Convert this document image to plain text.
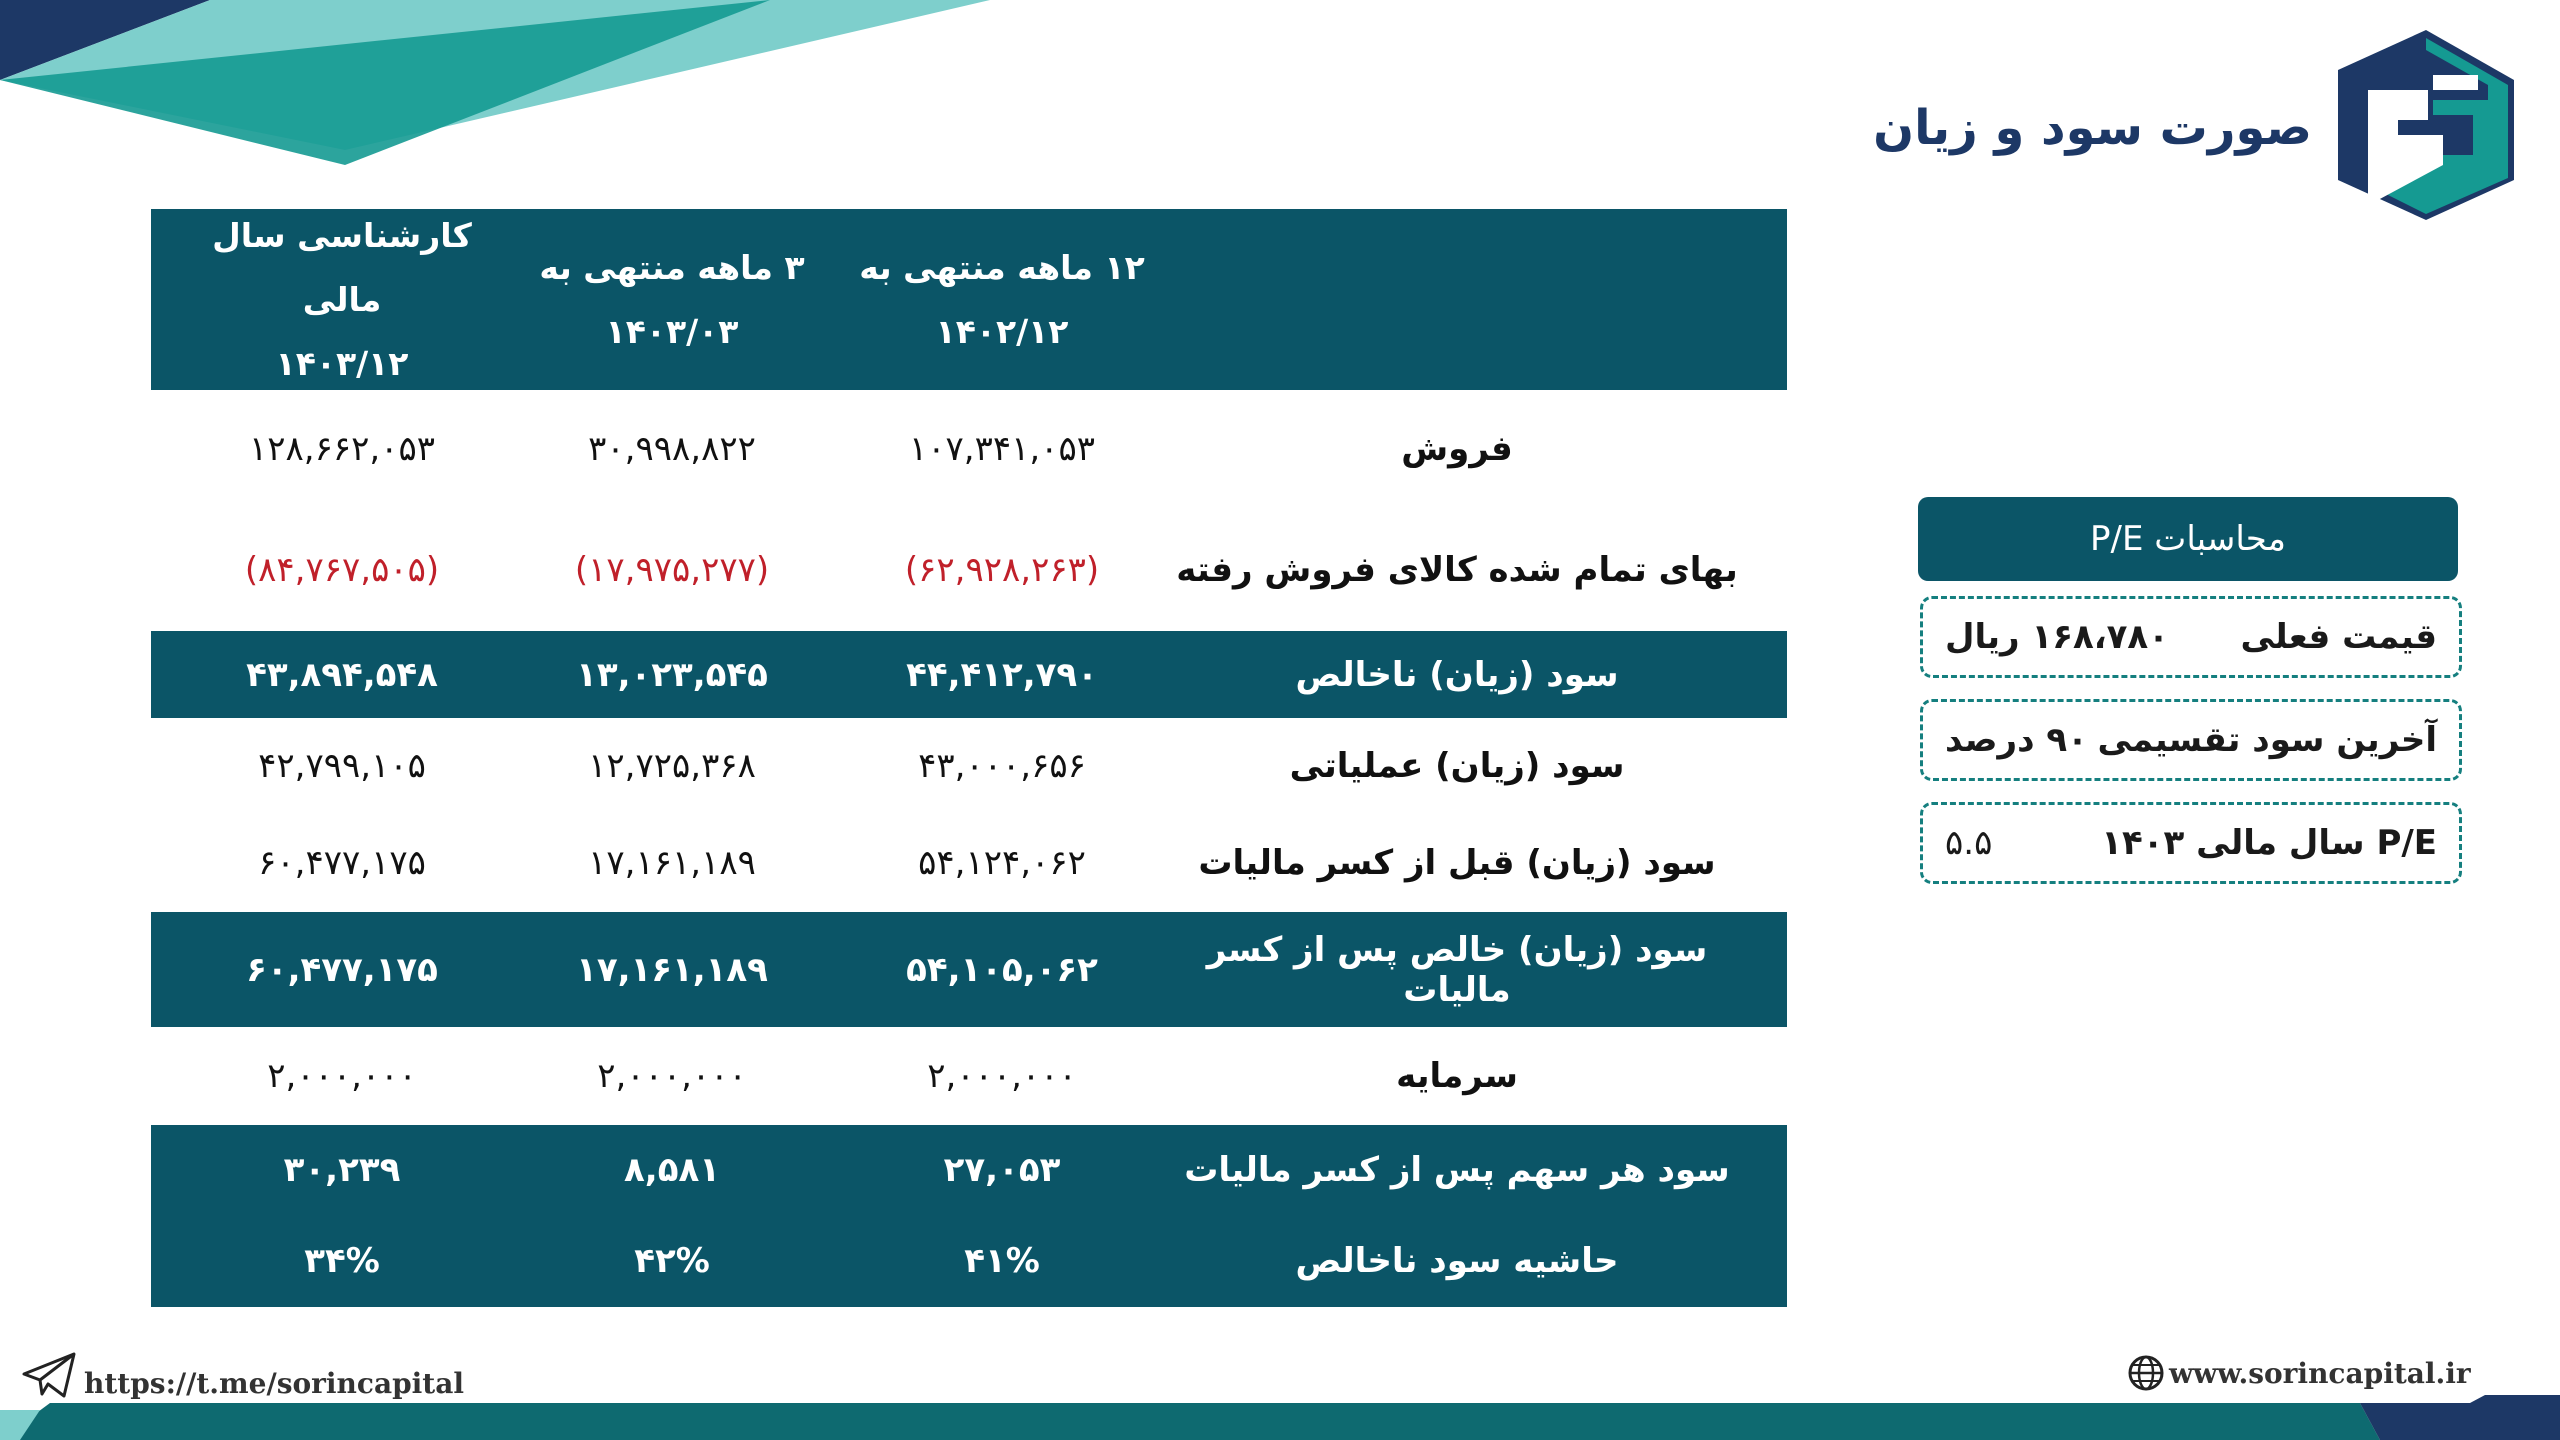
صورت سود و زیان
۱۲ ماهه منتهی به
۱۴۰۲/۱۲
۳ ماهه منتهی به
۱۴۰۳/۰۳
کارشناسی سال مالی
۱۴۰۳/۱۲
فروش
۱۰۷,۳۴۱,۰۵۳
۳۰,۹۹۸,۸۲۲
۱۲۸,۶۶۲,۰۵۳
بهای تمام شده کالای فروش رفته
(۶۲,۹۲۸,۲۶۳)
(۱۷,۹۷۵,۲۷۷)
(۸۴,۷۶۷,۵۰۵)
سود (زیان) ناخالص
۴۴,۴۱۲,۷۹۰
۱۳,۰۲۳,۵۴۵
۴۳,۸۹۴,۵۴۸
سود (زیان) عملیاتی
۴۳,۰۰۰,۶۵۶
۱۲,۷۲۵,۳۶۸
۴۲,۷۹۹,۱۰۵
سود (زیان) قبل از کسر مالیات
۵۴,۱۲۴,۰۶۲
۱۷,۱۶۱,۱۸۹
۶۰,۴۷۷,۱۷۵
سود (زیان) خالص پس از کسر مالیات
۵۴,۱۰۵,۰۶۲
۱۷,۱۶۱,۱۸۹
۶۰,۴۷۷,۱۷۵
سرمایه
۲,۰۰۰,۰۰۰
۲,۰۰۰,۰۰۰
۲,۰۰۰,۰۰۰
سود هر سهم پس از کسر مالیات
۲۷,۰۵۳
۸,۵۸۱
۳۰,۲۳۹
حاشیه سود ناخالص
۴۱%
۴۲%
۳۴%
محاسبات P/E
قیمت فعلی
۱۶۸،۷۸۰ ریال
آخرین سود تقسیمی
۹۰ درصد
P/E سال مالی ۱۴۰۳
۵.۵
https://t.me/sorincapital	www.sorincapital.ir
